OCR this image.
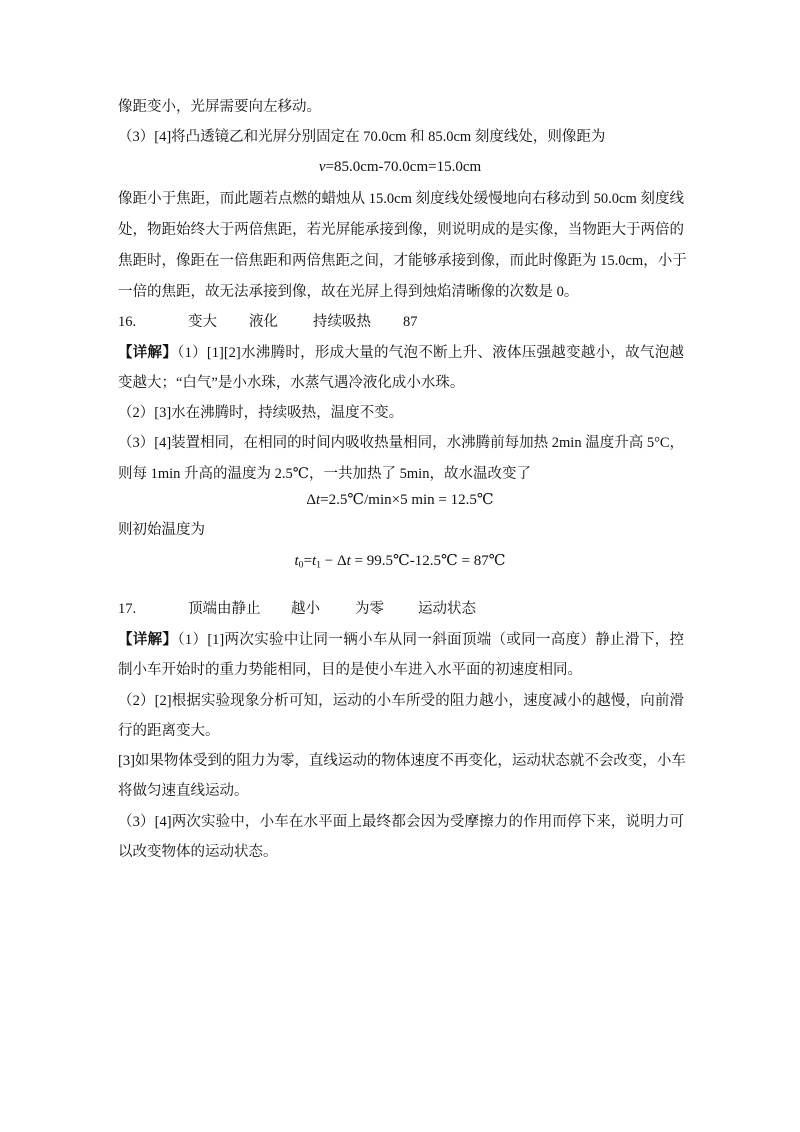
像距变小，光屏需要向左移动。
（3）[4]将凸透镜乙和光屏分别固定在 70.0cm 和 85.0cm 刻度线处，则像距为
v=85.0cm-70.0cm=15.0cm
像距小于焦距，而此题若点燃的蜡烛从 15.0cm 刻度线处缓慢地向右移动到 50.0cm 刻度线
处，物距始终大于两倍焦距，若光屏能承接到像，则说明成的是实像，当物距大于两倍的
焦距时，像距在一倍焦距和两倍焦距之间，才能够承接到像，而此时像距为 15.0cm，小于
一倍的焦距，故无法承接到像，故在光屏上得到烛焰清晰像的次数是 0。
16.	变大 液化 持续吸热 87
【详解】（1）[1][2]水沸腾时，形成大量的气泡不断上升、液体压强越变越小，故气泡越
变越大；“白气”是小水珠，水蒸气遇冷液化成小水珠。
（2）[3]水在沸腾时，持续吸热，温度不变。
（3）[4]装置相同，在相同的时间内吸收热量相同，水沸腾前每加热 2min 温度升高 5°C，
则每 1min 升高的温度为 2.5℃，一共加热了 5min，故水温改变了
Δt=2.5℃/min×5 min = 12.5℃
则初始温度为
$t_0=t_1 - \Delta t$ = 99.5℃-12.5℃ = 87℃
17.	顶端由静止 越小 为零 运动状态
【详解】（1）[1]两次实验中让同一辆小车从同一斜面顶端（或同一高度）静止滑下，控
制小车开始时的重力势能相同，目的是使小车进入水平面的初速度相同。
（2）[2]根据实验现象分析可知，运动的小车所受的阻力越小，速度减小的越慢，向前滑
行的距离变大。
[3]如果物体受到的阻力为零，直线运动的物体速度不再变化，运动状态就不会改变，小车
将做匀速直线运动。
（3）[4]两次实验中，小车在水平面上最终都会因为受摩擦力的作用而停下来，说明力可
以改变物体的运动状态。
